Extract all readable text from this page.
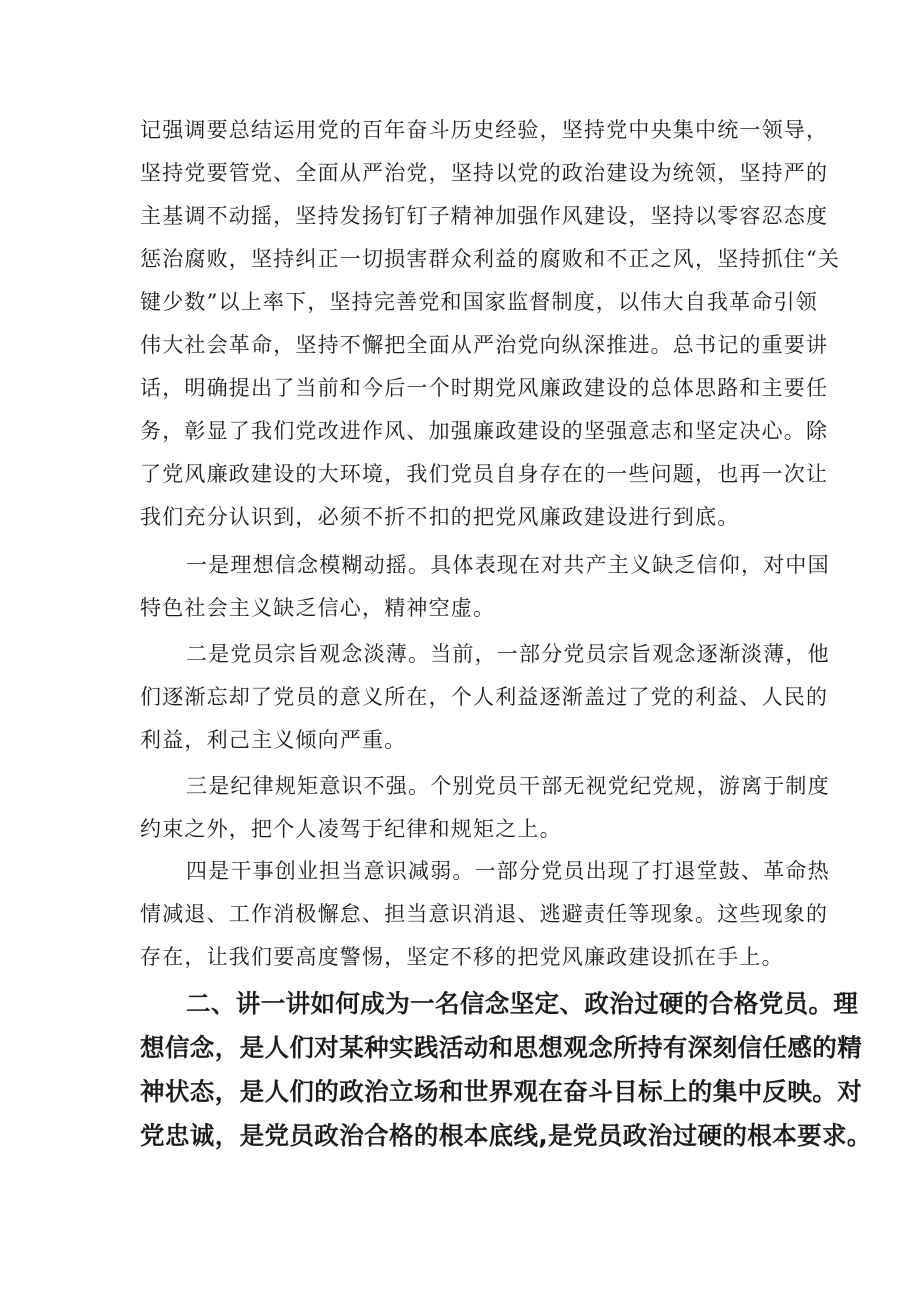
记强调要总结运用党的百年奋斗历史经验，坚持党中央集中统一领导，
坚持党要管党、全面从严治党，坚持以党的政治建设为统领，坚持严的
主基调不动摇，坚持发扬钉钉子精神加强作风建设，坚持以零容忍态度
惩治腐败，坚持纠正一切损害群众利益的腐败和不正之风，坚持抓住“关
键少数”以上率下，坚持完善党和国家监督制度，以伟大自我革命引领
伟大社会革命，坚持不懈把全面从严治党向纵深推进。总书记的重要讲
话，明确提出了当前和今后一个时期党风廉政建设的总体思路和主要任
务，彰显了我们党改进作风、加强廉政建设的坚强意志和坚定决心。除
了党风廉政建设的大环境，我们党员自身存在的一些问题，也再一次让
我们充分认识到，必须不折不扣的把党风廉政建设进行到底。
一是理想信念模糊动摇。具体表现在对共产主义缺乏信仰，对中国
特色社会主义缺乏信心，精神空虚。
二是党员宗旨观念淡薄。当前，一部分党员宗旨观念逐渐淡薄，他
们逐渐忘却了党员的意义所在，个人利益逐渐盖过了党的利益、人民的
利益，利己主义倾向严重。
三是纪律规矩意识不强。个别党员干部无视党纪党规，游离于制度
约束之外，把个人凌驾于纪律和规矩之上。
四是干事创业担当意识减弱。一部分党员出现了打退堂鼓、革命热
情减退、工作消极懈怠、担当意识消退、逃避责任等现象。这些现象的
存在，让我们要高度警惕，坚定不移的把党风廉政建设抓在手上。
二、讲一讲如何成为一名信念坚定、政治过硬的合格党员。理
想信念，是人们对某种实践活动和思想观念所持有深刻信任感的精
神状态，是人们的政治立场和世界观在奋斗目标上的集中反映。对
党忠诚，是党员政治合格的根本底线,是党员政治过硬的根本要求。
